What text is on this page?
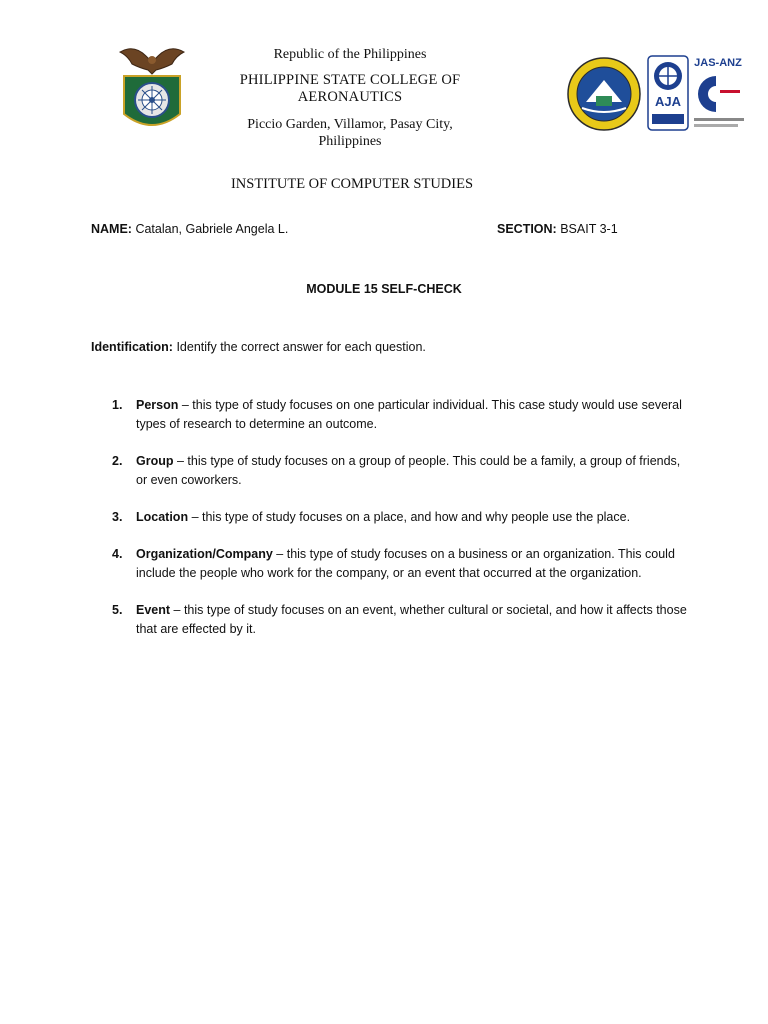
Republic of the Philippines
PHILIPPINE STATE COLLEGE OF
AERONAUTICS
Piccio Garden, Villamor, Pasay City,
Philippines
AJA
JAS-ANZ
INSTITUTE OF COMPUTER STUDIES
NAME: Catalan, Gabriele Angela L.	SECTION: BSAIT 3-1
MODULE 15 SELF-CHECK
Identification: Identify the correct answer for each question.
1. Person – this type of study focuses on one particular individual. This case study would use several types of research to determine an outcome.
2. Group – this type of study focuses on a group of people. This could be a family, a group of friends, or even coworkers.
3. Location – this type of study focuses on a place, and how and why people use the place.
4. Organization/Company – this type of study focuses on a business or an organization. This could include the people who work for the company, or an event that occurred at the organization.
5. Event – this type of study focuses on an event, whether cultural or societal, and how it affects those that are effected by it.
